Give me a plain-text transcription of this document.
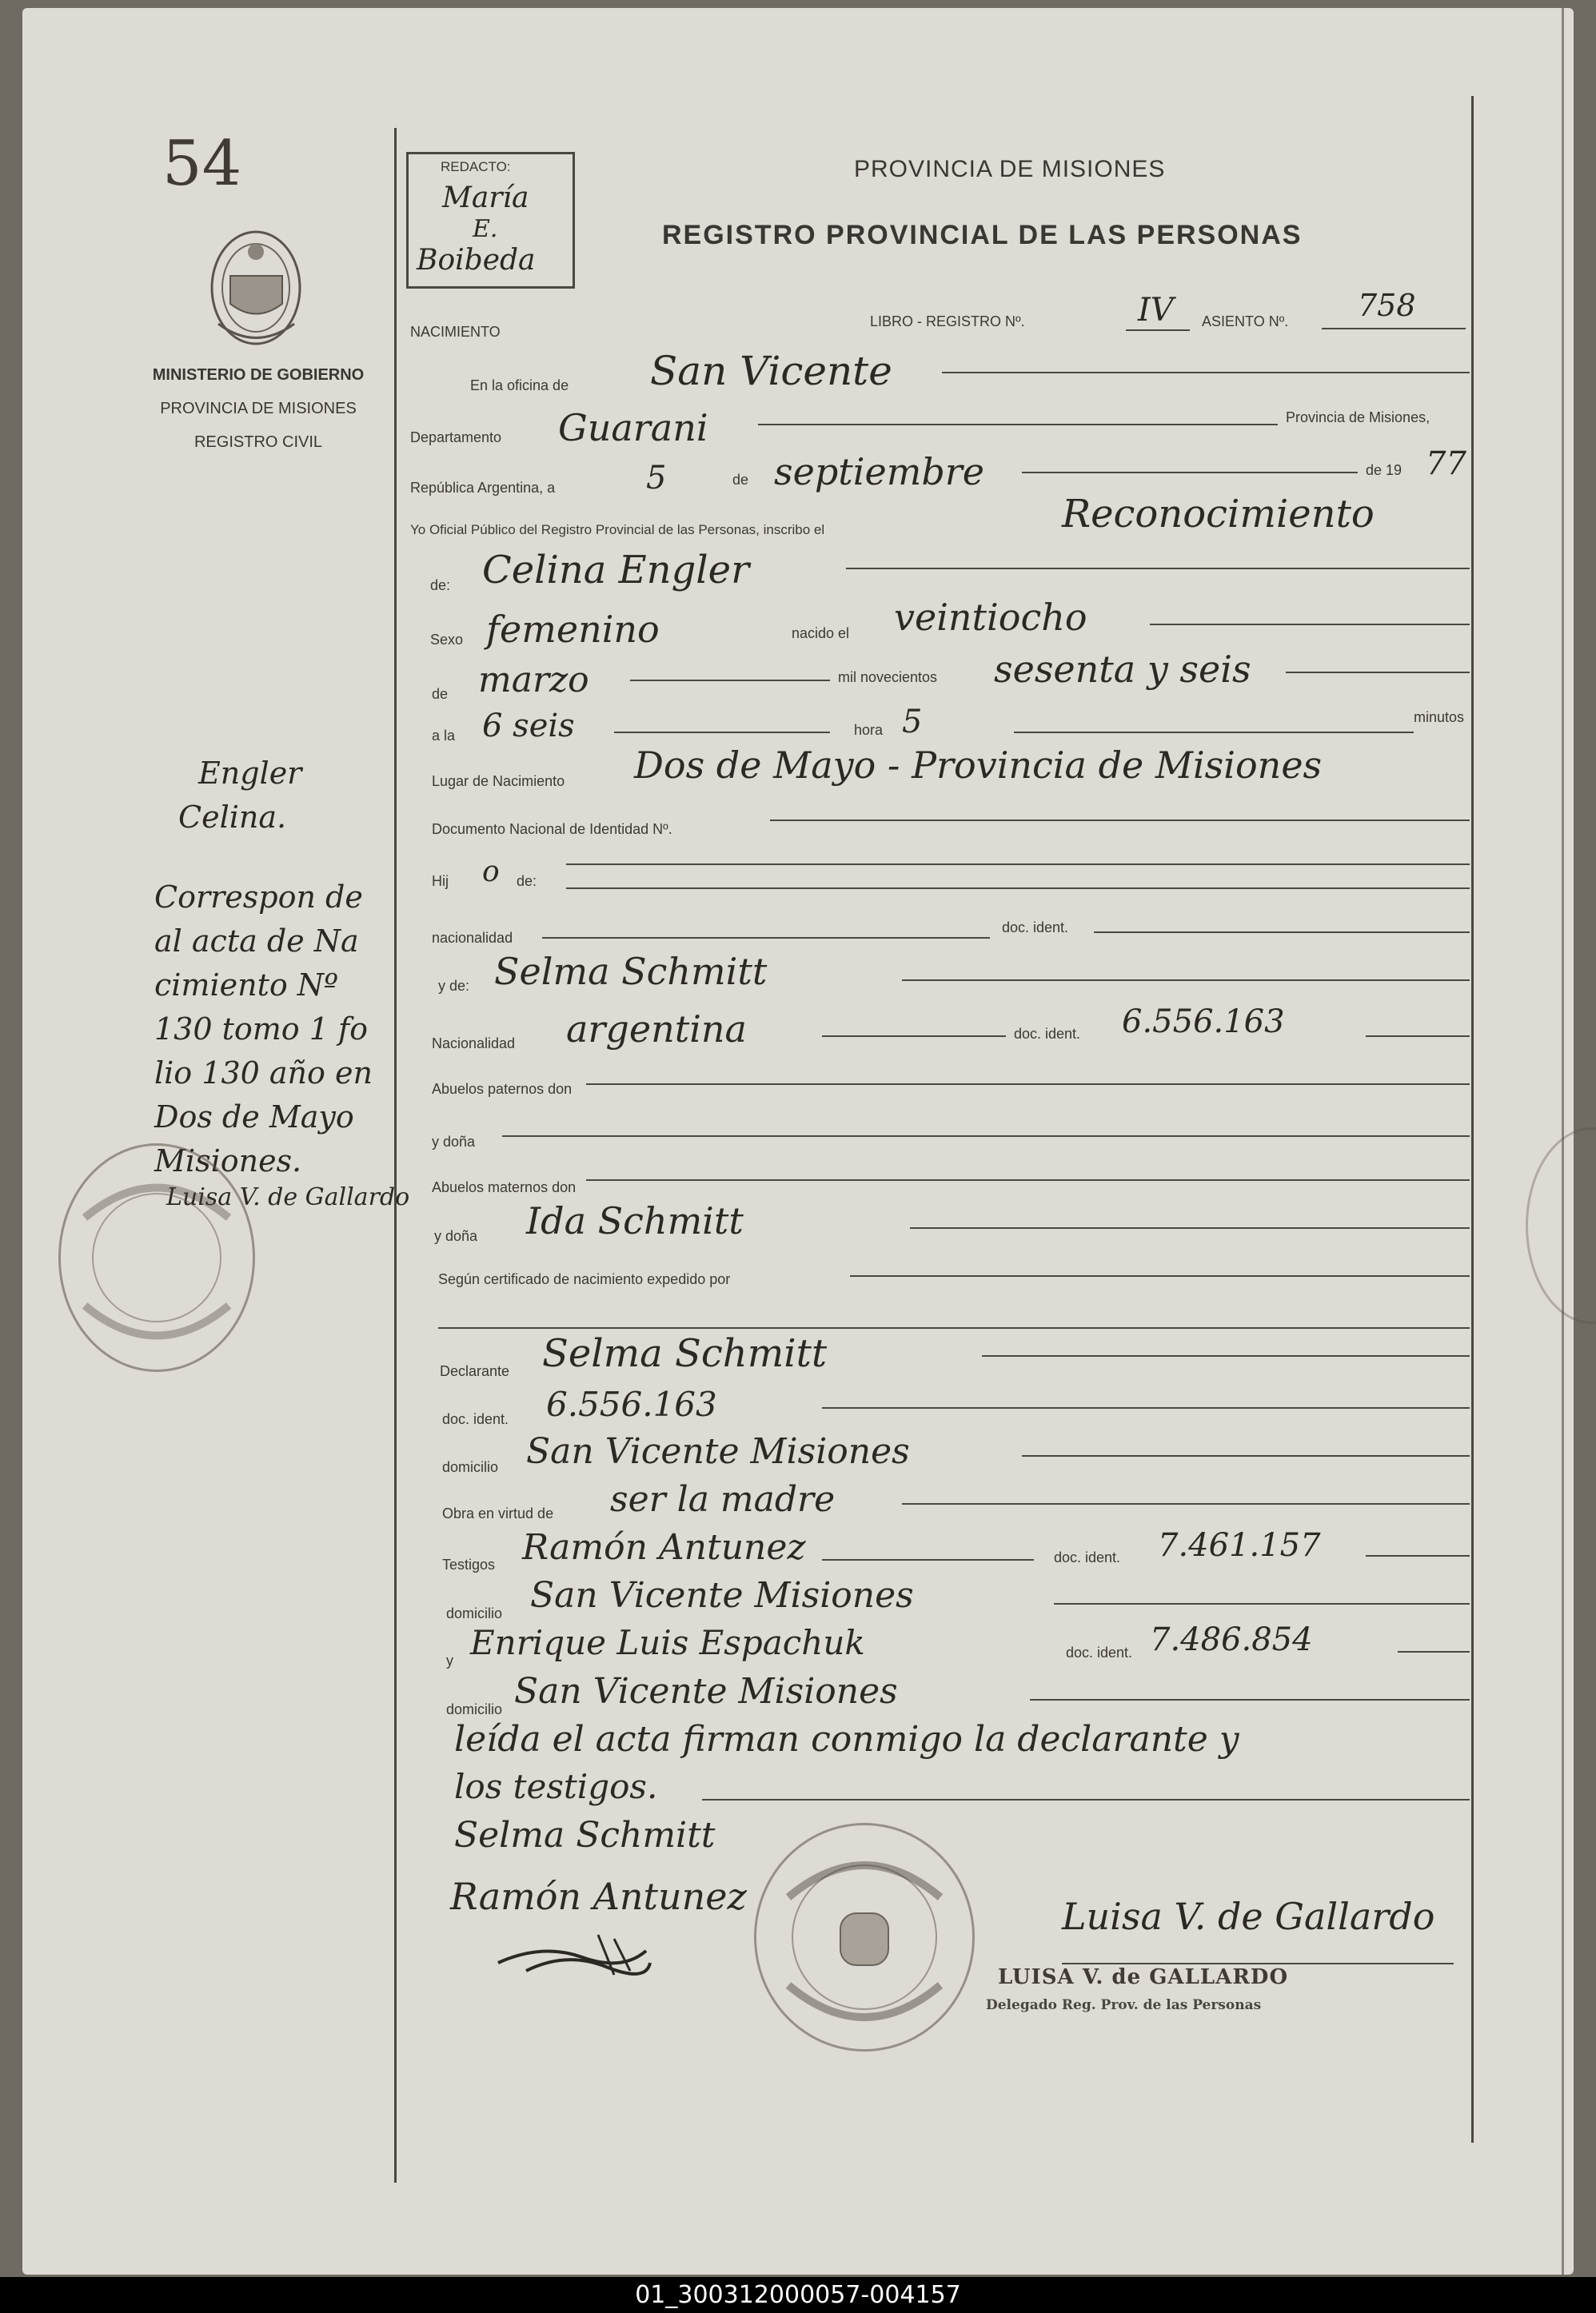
54
MINISTERIO DE GOBIERNO
PROVINCIA DE MISIONES
REGISTRO CIVIL
REDACTO:
María
E.
Boibeda
PROVINCIA DE MISIONES
REGISTRO PROVINCIAL DE LAS PERSONAS
NACIMIENTO
LIBRO - REGISTRO Nº.	IV ASIENTO Nº. 758
En la oficina de San Vicente
Departamento Guarani	Provincia de Misiones,
República Argentina, a	5	de septiembre	de 19 77
Yo Oficial Público del Registro Provincial de las Personas, inscribo el	Reconocimiento
de: Celina Engler
Sexo femenino	nacido el veintiocho
de marzo	mil novecientos sesenta y seis
a la 6 seis	hora 5	minutos
Lugar de Nacimiento Dos de Mayo - Provincia de Misiones
Documento Nacional de Identidad Nº.
Hij o de:
nacionalidad
doc. ident.
y de: Selma Schmitt
Nacionalidad argentina	doc. ident. 6.556.163
Abuelos paternos don
y doña
Abuelos maternos don
y doña Ida Schmitt
Según certificado de nacimiento expedido por
Declarante Selma Schmitt
doc. ident. 6.556.163
domicilio San Vicente Misiones
Obra en virtud de ser la madre
Testigos Ramón Antunez	doc. ident. 7.461.157
domicilio San Vicente Misiones
y Enrique Luis Espachuk	doc. ident. 7.486.854
domicilio San Vicente Misiones
leída el acta firman conmigo la declarante y
los testigos.
Selma Schmitt
Ramón Antunez	Luisa V. de Gallardo
LUISA V. de GALLARDO
Delegado Reg. Prov. de las Personas
Engler
Celina.
Correspon de
al acta de Na
cimiento Nº
130 tomo 1 fo
lio 130 año en
Dos de Mayo
Misiones.
Luisa V. de Gallardo
01_300312000057-004157
